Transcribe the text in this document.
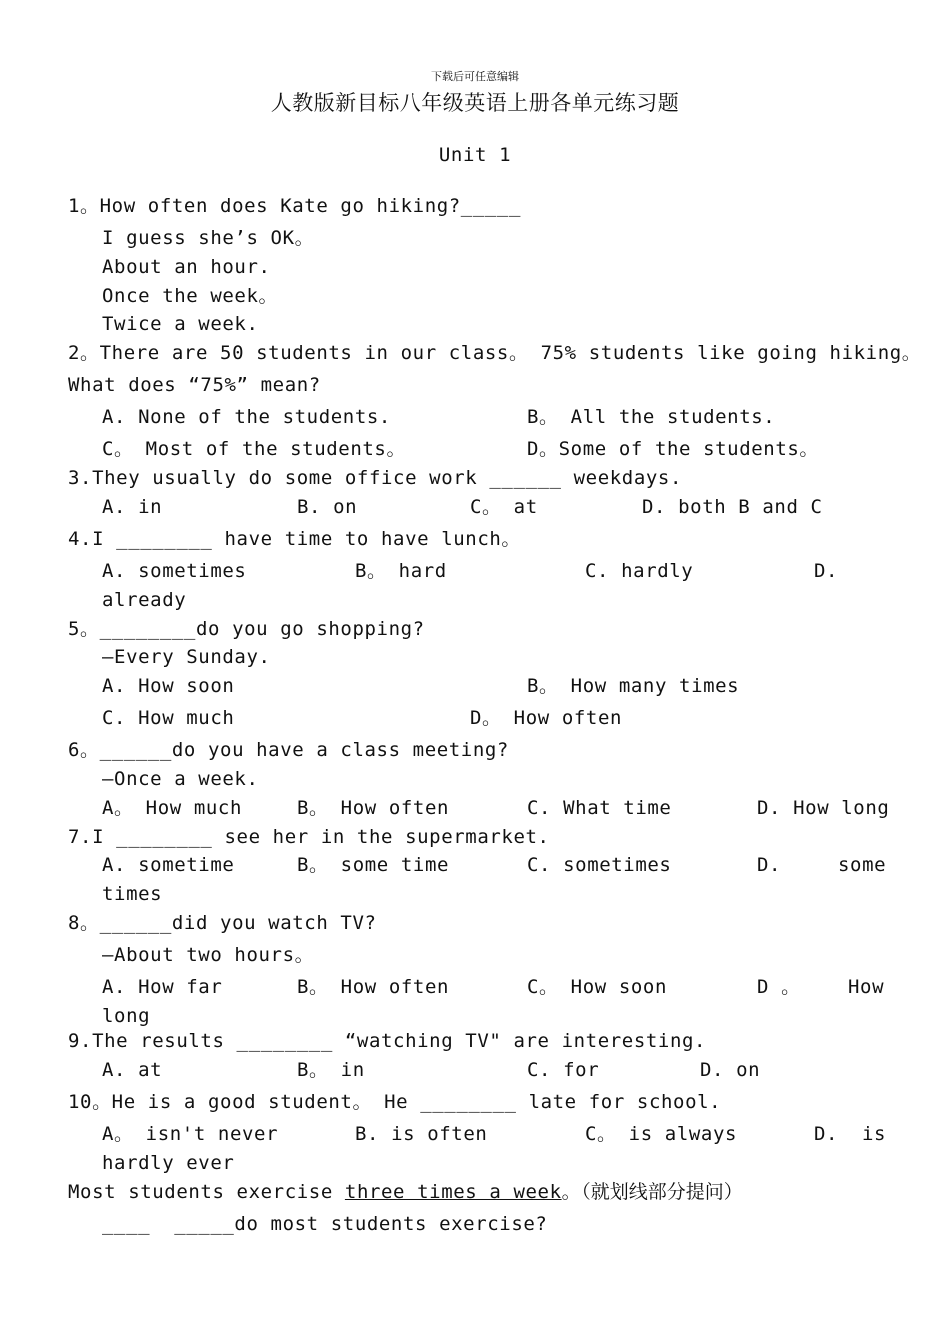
下载后可任意编辑
人教版新目标八年级英语上册各单元练习题
Unit 1
1。How often does Kate go hiking?_____
I guess she’s OK。
About an hour.
Once the week。
Twice a week.
2。There are 50 students in our class。 75% students like going hiking。
What does “75%” mean?
A. None of the students.	B。 All the students.
C。 Most of the students。	D。Some of the students。
3.They usually do some office work ______ weekdays.
A. in	B. on	C。 at	D. both B and C
4.I ________ have time to have lunch。
A. sometimes	B。 hard	C. hardly	D.
already
5。________do you go shopping?
—Every Sunday.
A. How soon	B。 How many times
C. How much	D。 How often
6。______do you have a class meeting?
—Once a week.
A。 How much	B。 How often	C. What time	D. How long
7.I ________ see her in the supermarket.
A. sometime	B。 some time	C. sometimes	D.	some
times
8。______did you watch TV?
—About two hours。
A. How far	B。 How often	C。 How soon	D 。 How
long
9.The results ________ “watching TV" are interesting.
A. at	B。 in	C. for	D. on
10。He is a good student。 He ________ late for school.
A。 isn't never	B. is often	C。 is always	D. is
hardly ever
Most students exercise three times a week。（就划线部分提问）
____  _____do most students exercise?
